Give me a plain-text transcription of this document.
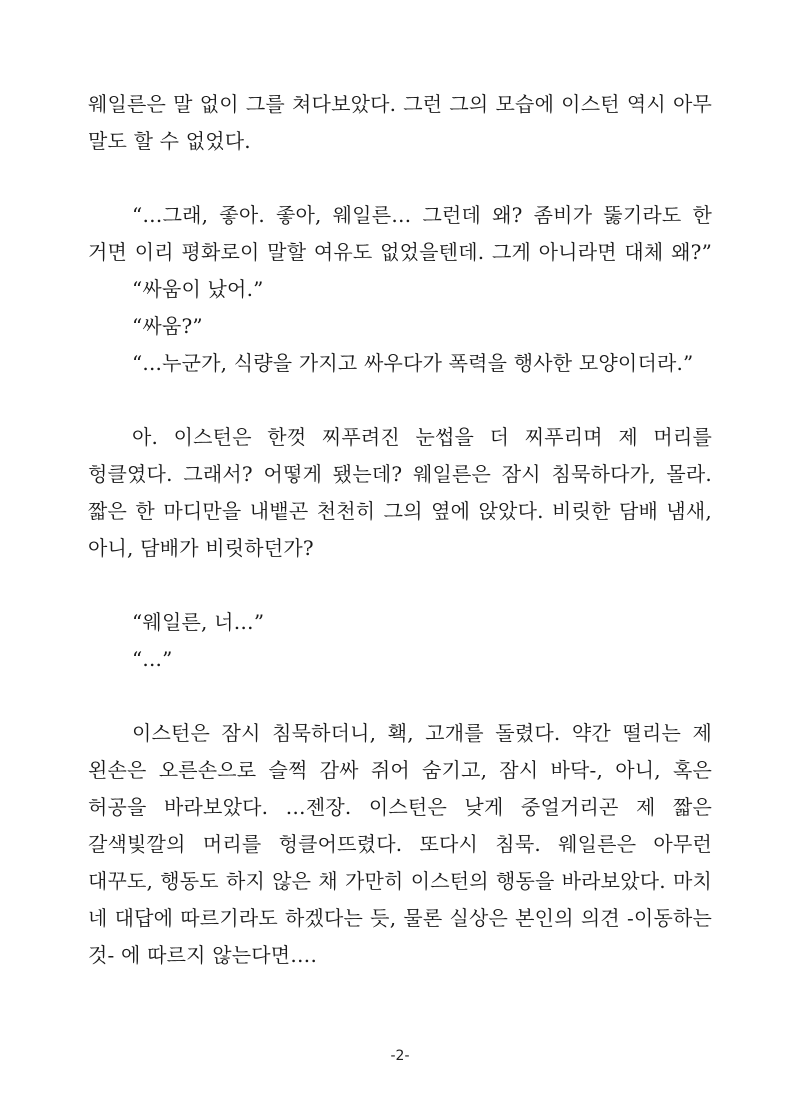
웨일른은 말 없이 그를 쳐다보았다. 그런 그의 모습에 이스턴 역시 아무
말도 할 수 없었다.
“…그래, 좋아. 좋아, 웨일른… 그런데 왜? 좀비가 뚫기라도 한
거면 이리 평화로이 말할 여유도 없었을텐데. 그게 아니라면 대체 왜?”
“싸움이 났어.”
“싸움?”
“...누군가, 식량을 가지고 싸우다가 폭력을 행사한 모양이더라.”
아. 이스턴은 한껏 찌푸려진 눈썹을 더 찌푸리며 제 머리를
헝클였다. 그래서? 어떻게 됐는데? 웨일른은 잠시 침묵하다가, 몰라.
짧은 한 마디만을 내뱉곤 천천히 그의 옆에 앉았다. 비릿한 담배 냄새,
아니, 담배가 비릿하던가?
“웨일른, 너…”
“...”
이스턴은 잠시 침묵하더니, 홱, 고개를 돌렸다. 약간 떨리는 제
왼손은 오른손으로 슬쩍 감싸 쥐어 숨기고, 잠시 바닥-, 아니, 혹은
허공을 바라보았다. …젠장. 이스턴은 낮게 중얼거리곤 제 짧은
갈색빛깔의 머리를 헝클어뜨렸다. 또다시 침묵. 웨일른은 아무런
대꾸도, 행동도 하지 않은 채 가만히 이스턴의 행동을 바라보았다. 마치
네 대답에 따르기라도 하겠다는 듯, 물론 실상은 본인의 의견 -이동하는
것- 에 따르지 않는다면….
-2-
